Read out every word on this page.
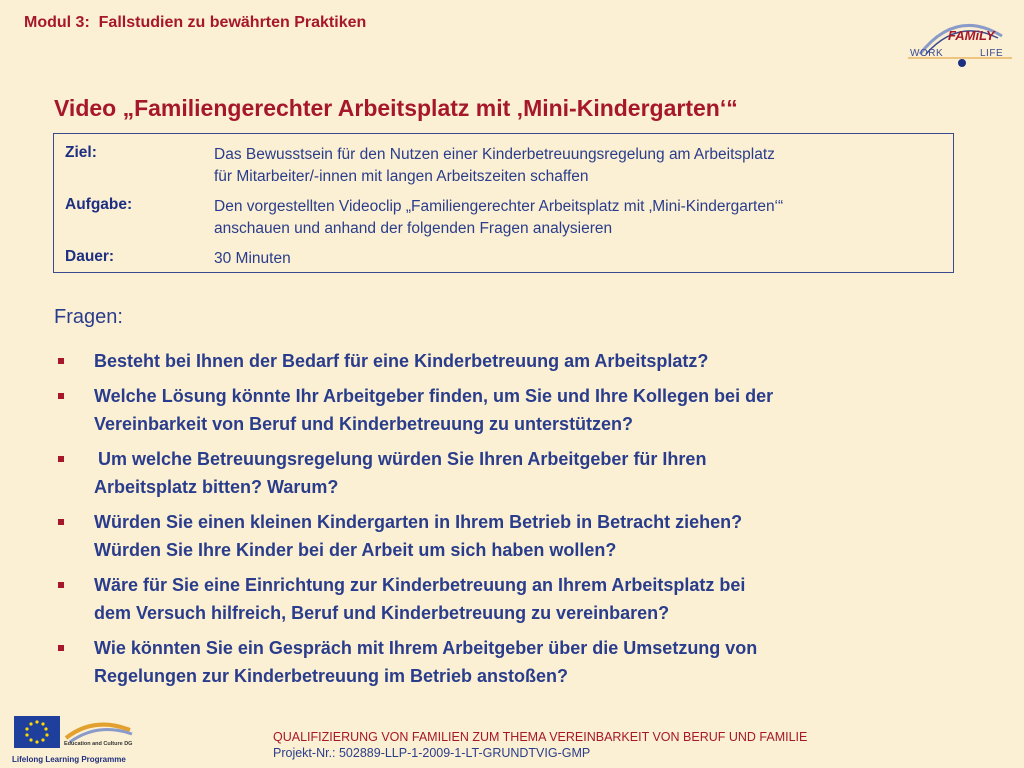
Modul 3:  Fallstudien zu bewährten Praktiken
FAMiLY
WORK	LIFE
Video „Familiengerechter Arbeitsplatz mit ‚Mini-Kindergarten‘“
Ziel:	Das Bewusstsein für den Nutzen einer Kinderbetreuungsregelung am Arbeitsplatz
für Mitarbeiter/-innen mit langen Arbeitszeiten schaffen
Aufgabe:	Den vorgestellten Videoclip „Familiengerechter Arbeitsplatz mit ‚Mini-Kindergarten‘“
anschauen und anhand der folgenden Fragen analysieren
Dauer:	30 Minuten
Fragen:
Besteht bei Ihnen der Bedarf für eine Kinderbetreuung am Arbeitsplatz?
Welche Lösung könnte Ihr Arbeitgeber finden, um Sie und Ihre Kollegen bei der
Vereinbarkeit von Beruf und Kinderbetreuung zu unterstützen?
Um welche Betreuungsregelung würden Sie Ihren Arbeitgeber für Ihren
Arbeitsplatz bitten? Warum?
Würden Sie einen kleinen Kindergarten in Ihrem Betrieb in Betracht ziehen?
Würden Sie Ihre Kinder bei der Arbeit um sich haben wollen?
Wäre für Sie eine Einrichtung zur Kinderbetreuung an Ihrem Arbeitsplatz bei
dem Versuch hilfreich, Beruf und Kinderbetreuung zu vereinbaren?
Wie könnten Sie ein Gespräch mit Ihrem Arbeitgeber über die Umsetzung von
Regelungen zur Kinderbetreuung im Betrieb anstoßen?
Education and Culture DG
Lifelong Learning Programme
QUALIFIZIERUNG VON FAMILIEN ZUM THEMA VEREINBARKEIT VON BERUF UND FAMILIE
Projekt-Nr.: 502889-LLP-1-2009-1-LT-GRUNDTVIG-GMP
